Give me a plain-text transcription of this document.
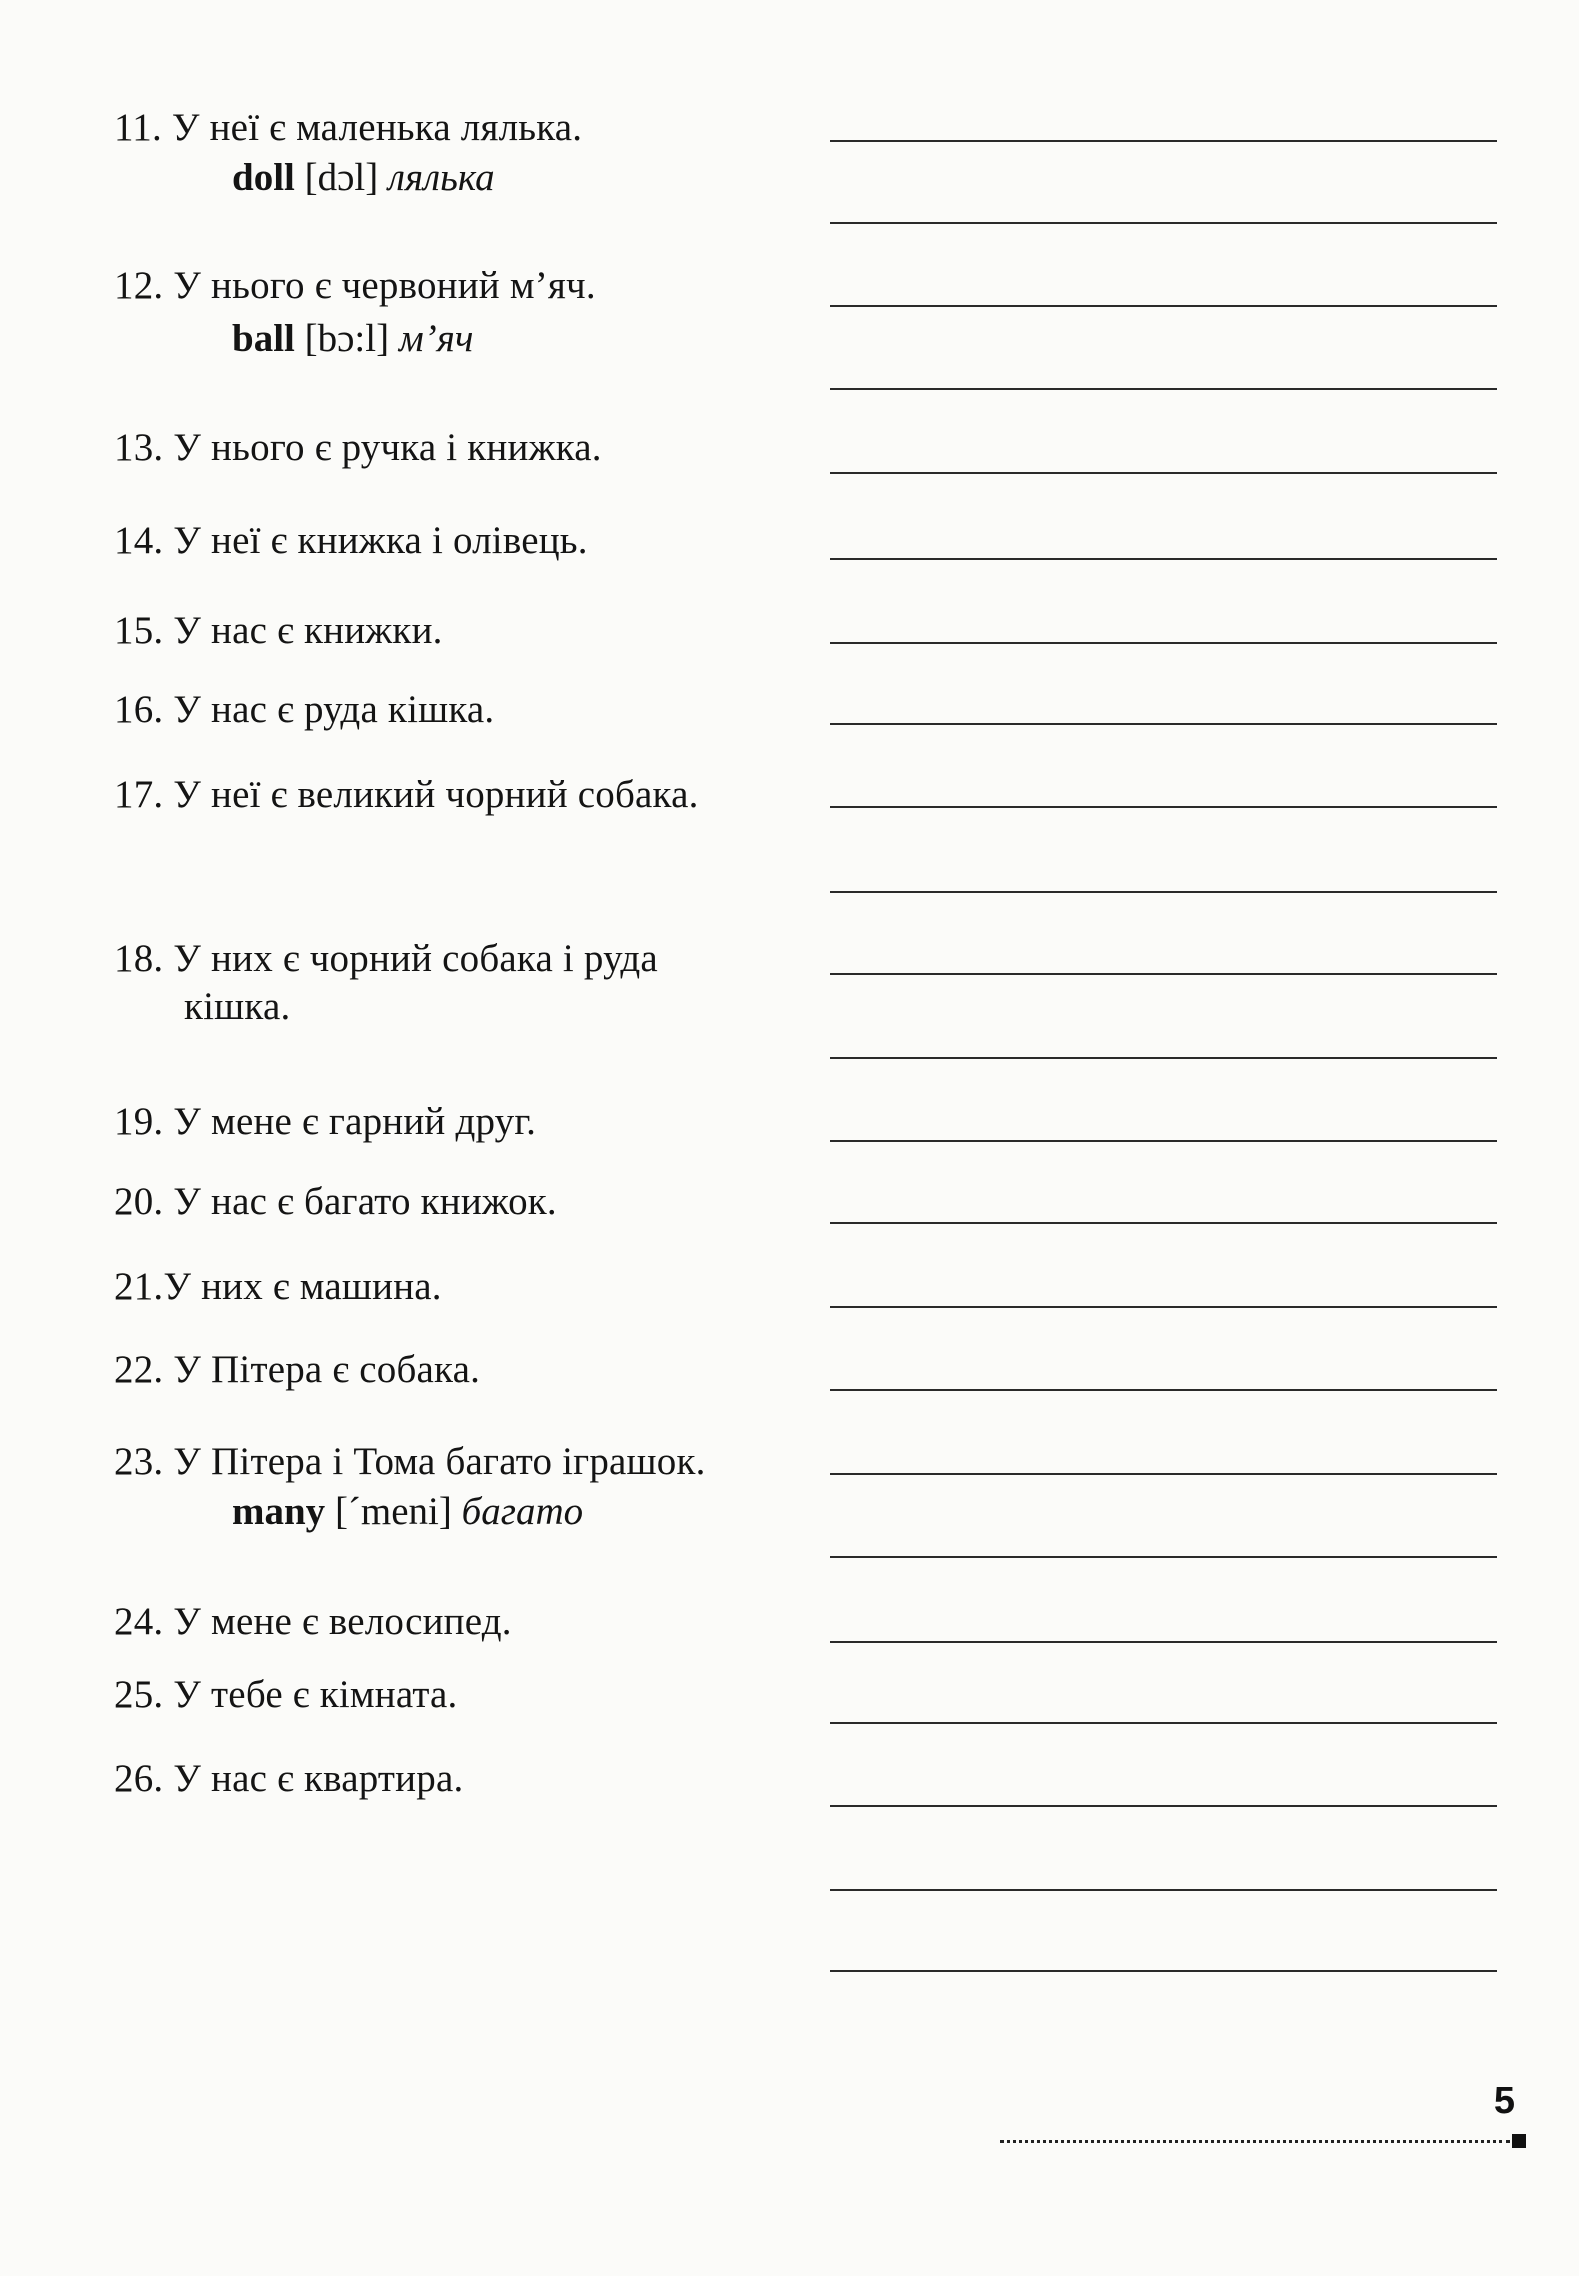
11. У неї є маленька лялька.
doll [dɔl] лялька
12. У нього є червоний м’яч.
ball [bɔ:l] м’яч
13. У нього є ручка і книжка.
14. У неї є книжка і олівець.
15. У нас є книжки.
16. У нас є руда кішка.
17. У неї є великий чорний собака.
18. У них є чорний собака і руда
кішка.
19. У мене є гарний друг.
20. У нас є багато книжок.
21.У них є машина.
22. У Пітера є собака.
23. У Пітера і Тома багато іграшок.
many [ˊmeni] багато
24. У мене є велосипед.
25. У тебе є кімната.
26. У нас є квартира.
5
